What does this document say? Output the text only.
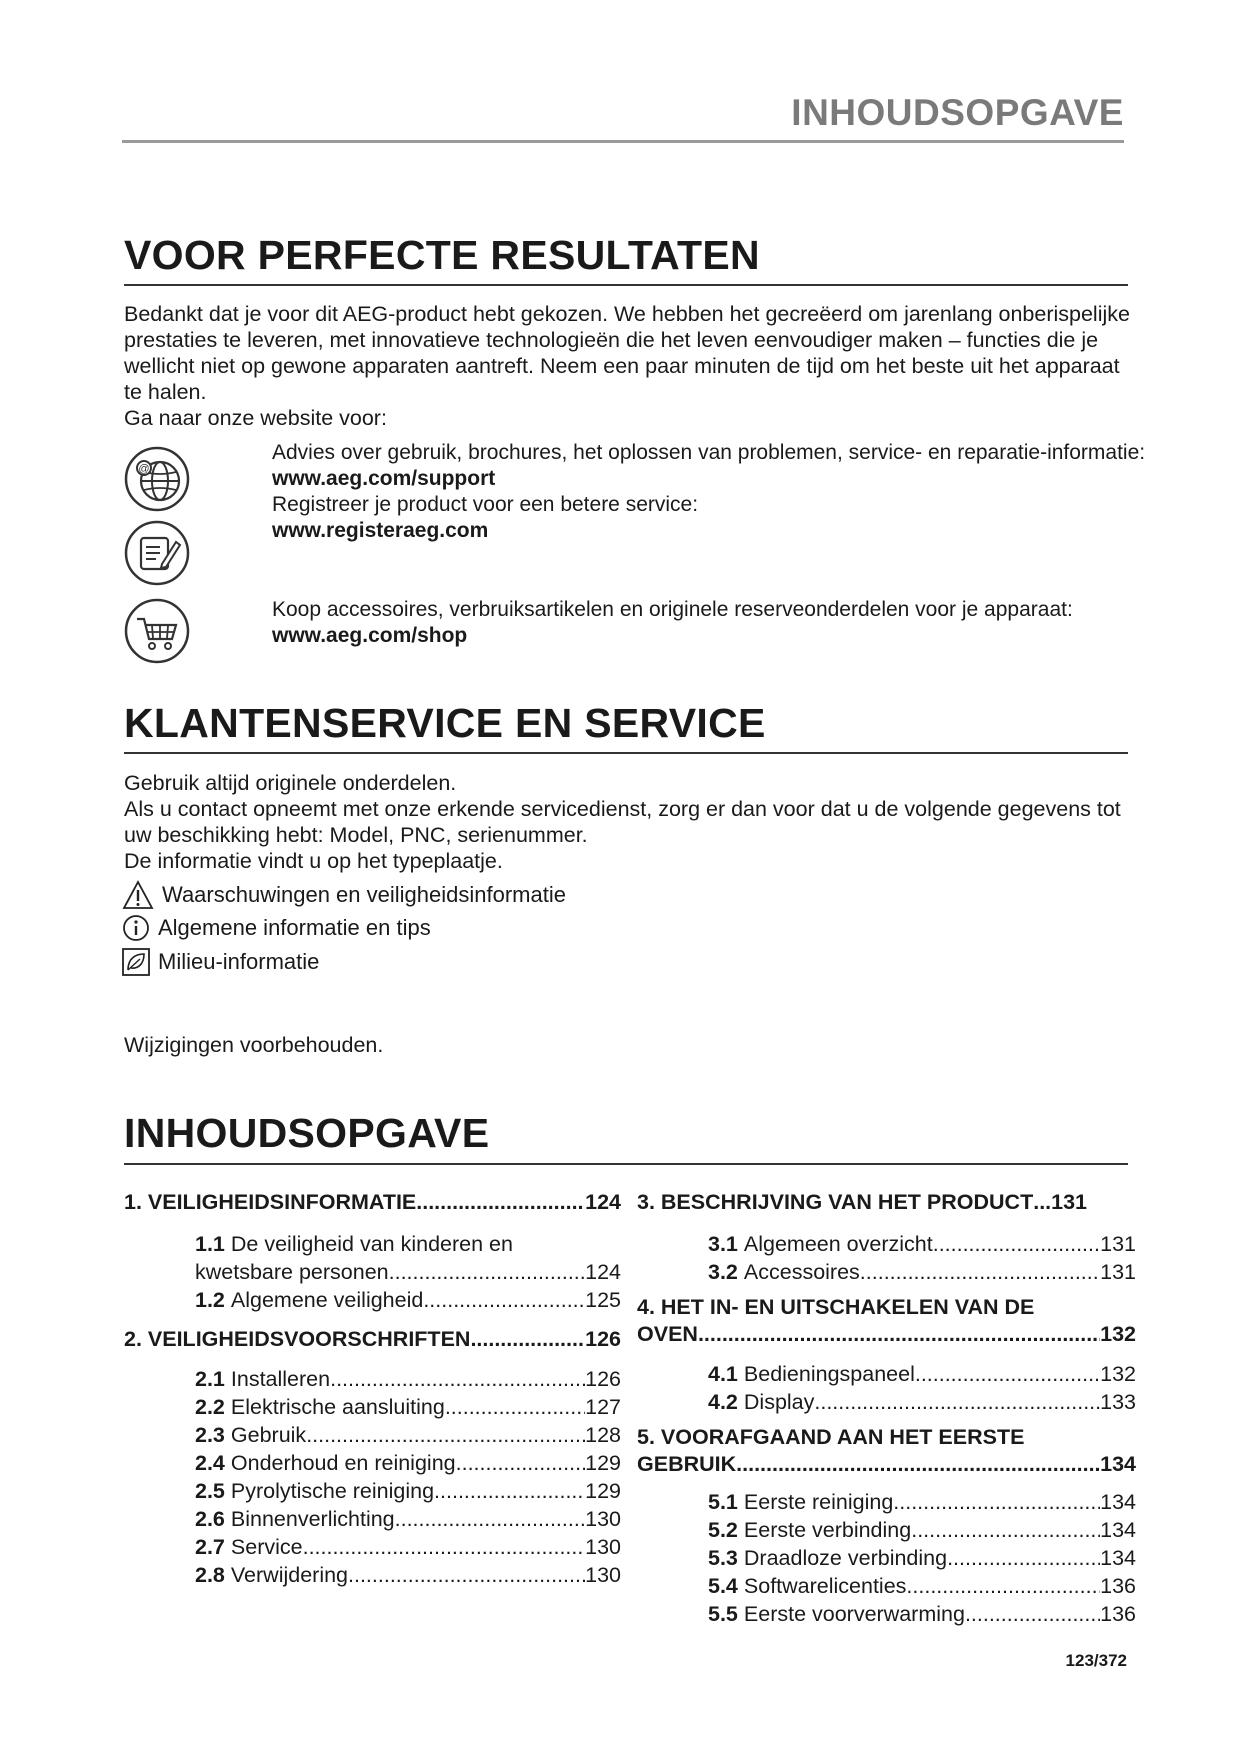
INHOUDSOPGAVE
VOOR PERFECTE RESULTATEN

Bedankt dat je voor dit AEG-product hebt gekozen. We hebben het gecreëerd om jarenlang onberispelijke prestaties te leveren, met innovatieve technologieën die het leven eenvoudiger maken – functies die je wellicht niet op gewone apparaten aantreft. Neem een paar minuten de tijd om het beste uit het apparaat te halen.

Ga naar onze website voor:

@

Advies over gebruik, brochures, het oplossen van problemen, service- en reparatie-informatie:

www.aeg.com/support

Registreer je product voor een betere service:

www.registeraeg.com

Koop accessoires, verbruiksartikelen en originele reserveonderdelen voor je apparaat:

www.aeg.com/shop

KLANTENSERVICE EN SERVICE

Gebruik altijd originele onderdelen.

Als u contact opneemt met onze erkende servicedienst, zorg er dan voor dat u de volgende gegevens tot uw beschikking hebt: Model, PNC, serienummer.

De informatie vindt u op het typeplaatje.

Waarschuwingen en veiligheidsinformatie
Algemene informatie en tips
Milieu-informatie

Wijzigingen voorbehouden.

INHOUDSOPGAVE
1. VEILIGHEIDSINFORMATIE .....	124
1.1 De veiligheid van kinderen en
kwetsbare personen .....	124
1.2 Algemene veiligheid .....	125
2. VEILIGHEIDSVOORSCHRIFTEN .....	126
2.1 Installeren .....	126
2.2 Elektrische aansluiting .....	127
2.3 Gebruik .....	128
2.4 Onderhoud en reiniging .....	129
2.5 Pyrolytische reiniging .....	129
2.6 Binnenverlichting .....	130
2.7 Service .....	130
2.8 Verwijdering .....	130
3. BESCHRIJVING VAN HET PRODUCT ...131
3.1 Algemeen overzicht .....	131
3.2 Accessoires .....	131
4. HET IN- EN UITSCHAKELEN VAN DE
OVEN .....	132
4.1 Bedieningspaneel .....	132
4.2 Display .....	133
5. VOORAFGAAND AAN HET EERSTE
GEBRUIK .....	134
5.1 Eerste reiniging .....	134
5.2 Eerste verbinding .....	134
5.3 Draadloze verbinding .....	134
5.4 Softwarelicenties .....	136
5.5 Eerste voorverwarming .....	136
123/372
